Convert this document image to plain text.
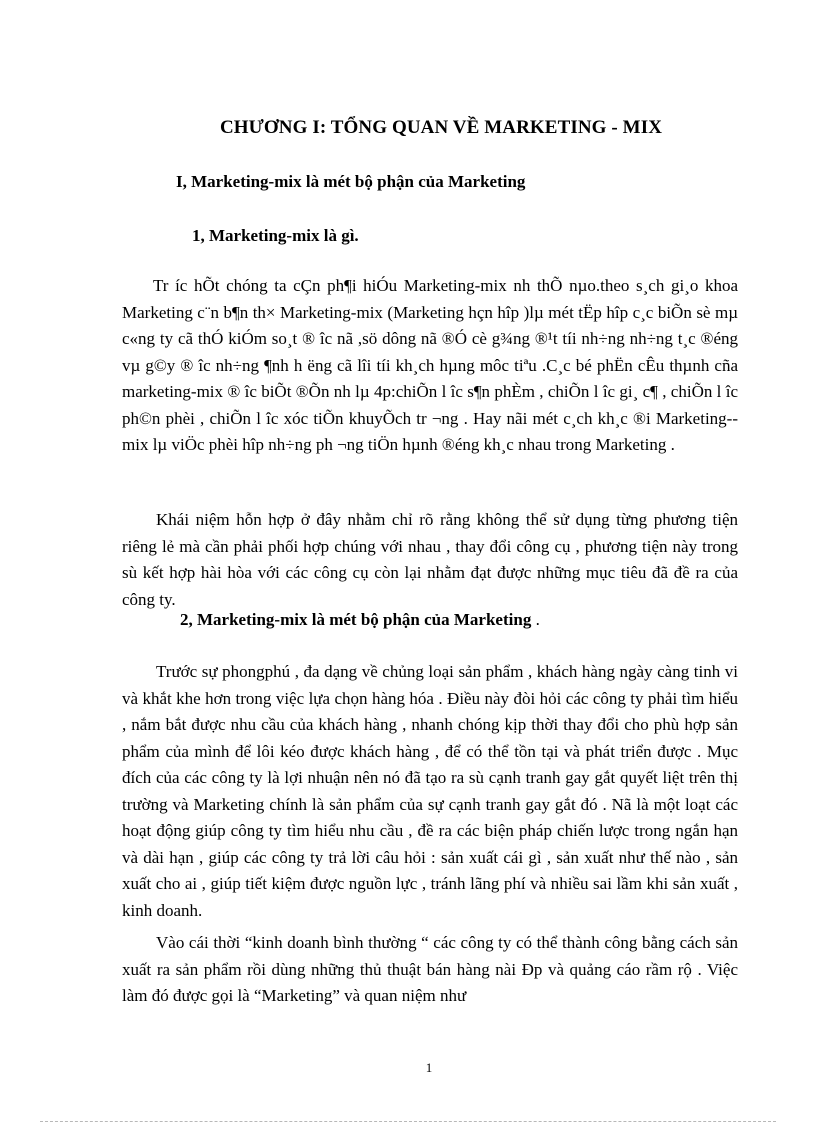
CHƯƠNG I: TỔNG QUAN VỀ MARKETING - MIX
I, Marketing-mix là mét bộ phận của Marketing
1, Marketing-mix là gì.

Tr íc hÕt chóng ta cÇn ph¶i hiÓu Marketing-mix nh thÕ nµo.theo s¸ch gi¸o khoa Marketing c¨n b¶n th× Marketing-mix (Marketing hçn hîp )lµ mét tËp hîp c¸c biÕn sè mµ c«ng ty cã thÓ kiÓm so¸t ® îc nã ,sö dông nã ®Ó cè g¾ng ®¹t tíi nh÷ng nh÷ng t¸c ®éng vµ g©y ® îc nh÷ng ¶nh h ëng cã lîi tíi kh¸ch hµng môc tiªu .C¸c bé phËn cÊu thµnh cña marketing-mix ® îc biÕt ®Õn nh lµ 4p:chiÕn l îc s¶n phÈm , chiÕn l îc gi¸ c¶ , chiÕn l îc ph©n phèi , chiÕn l îc xóc tiÕn khuyÕch tr ¬ng . Hay nãi mét c¸ch kh¸c ®i Marketing--mix lµ viÖc phèi hîp nh÷ng ph ¬ng tiÖn hµnh ®éng kh¸c nhau trong Marketing .

Khái niệm hỗn hợp ở đây nhằm chỉ rõ rằng không thể sử dụng từng phương tiện riêng lẻ mà cần phải phối hợp chúng với nhau , thay đổi công cụ , phương tiện này trong sù kết hợp hài hòa với các công cụ còn lại nhằm đạt được những mục tiêu đã đề ra của công ty.

2, Marketing-mix là mét bộ phận của Marketing .

Trước sự phongphú , đa dạng về chủng loại sản phẩm , khách hàng ngày càng tinh vi và khắt khe hơn trong việc lựa chọn hàng hóa . Điều này đòi hỏi các công ty phải tìm hiểu , nắm bắt được nhu cầu của khách hàng , nhanh chóng kịp thời thay đổi cho phù hợp sản phẩm của mình để lôi kéo được khách hàng , để có thể tồn tại và phát triển được . Mục đích của các công ty là lợi nhuận nên nó đã tạo ra sù cạnh tranh gay gắt quyết liệt trên thị trường và Marketing chính là sản phẩm của sự cạnh tranh gay gắt đó . Nã là một loạt các hoạt động giúp công ty tìm hiểu nhu cầu , đề ra các biện pháp chiến lược trong ngắn hạn và dài hạn , giúp các công ty trả lời câu hỏi : sản xuất cái gì , sản xuất như thế nào , sản xuất cho ai , giúp tiết kiệm được nguồn lực , tránh lãng phí và nhiều sai lầm khi sản xuất , kinh doanh.

Vào cái thời “kinh doanh bình thường “ các công ty có thể thành công bằng cách sản xuất ra sản phẩm rồi dùng những thủ thuật bán hàng nài Ðp và quảng cáo rầm rộ . Việc làm đó được gọi là “Marketing” và quan niệm như

1
